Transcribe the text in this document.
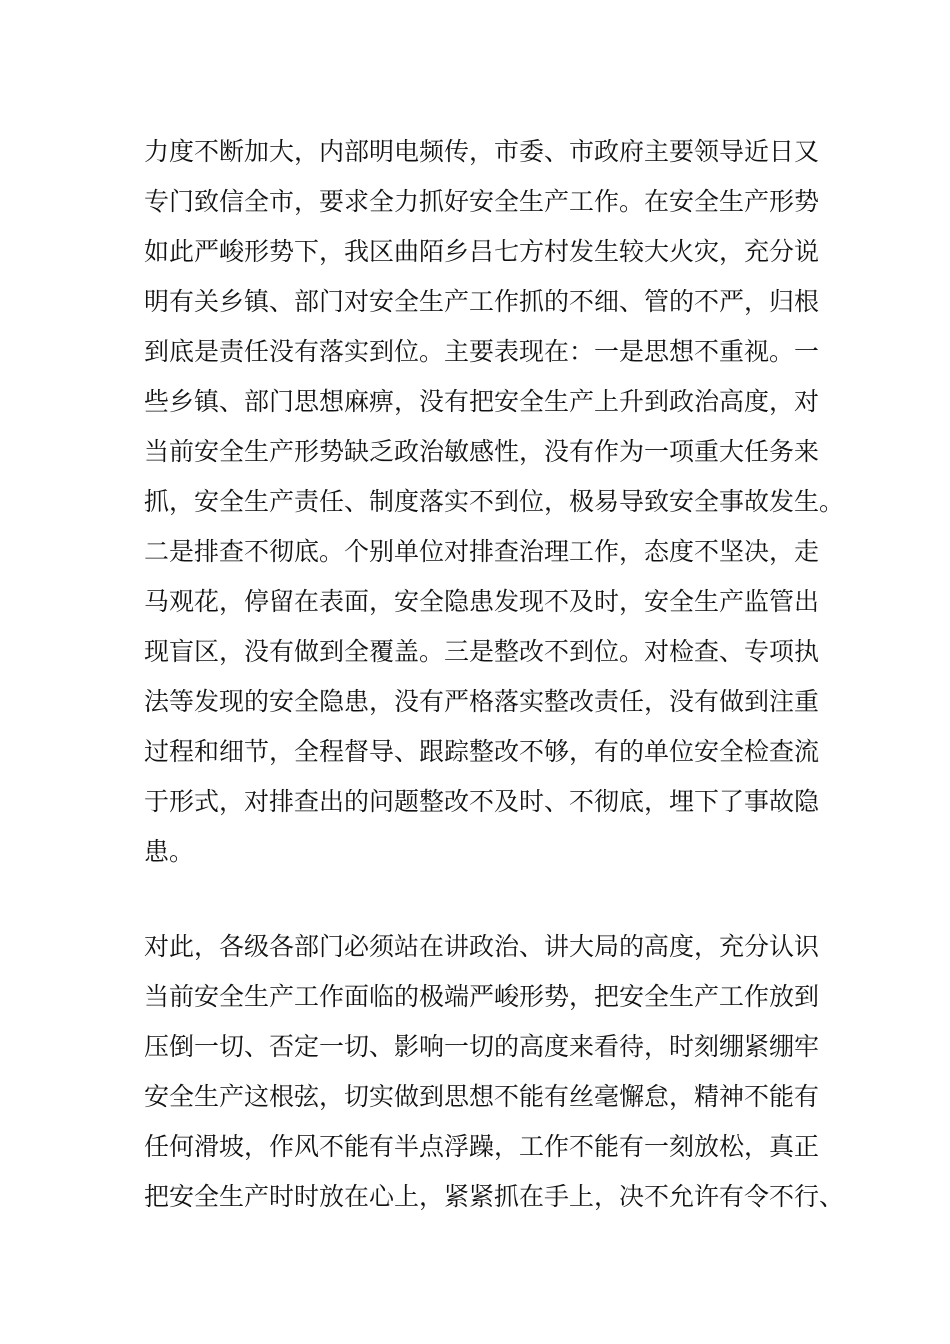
力度不断加大，内部明电频传，市委、市政府主要领导近日又
专门致信全市，要求全力抓好安全生产工作。在安全生产形势
如此严峻形势下，我区曲陌乡吕七方村发生较大火灾，充分说
明有关乡镇、部门对安全生产工作抓的不细、管的不严，归根
到底是责任没有落实到位。主要表现在：一是思想不重视。一
些乡镇、部门思想麻痹，没有把安全生产上升到政治高度，对
当前安全生产形势缺乏政治敏感性，没有作为一项重大任务来
抓，安全生产责任、制度落实不到位，极易导致安全事故发生。
二是排查不彻底。个别单位对排查治理工作，态度不坚决，走
马观花，停留在表面，安全隐患发现不及时，安全生产监管出
现盲区，没有做到全覆盖。三是整改不到位。对检查、专项执
法等发现的安全隐患，没有严格落实整改责任，没有做到注重
过程和细节，全程督导、跟踪整改不够，有的单位安全检查流
于形式，对排查出的问题整改不及时、不彻底，埋下了事故隐
患。
对此，各级各部门必须站在讲政治、讲大局的高度，充分认识
当前安全生产工作面临的极端严峻形势，把安全生产工作放到
压倒一切、否定一切、影响一切的高度来看待，时刻绷紧绷牢
安全生产这根弦，切实做到思想不能有丝毫懈怠，精神不能有
任何滑坡，作风不能有半点浮躁，工作不能有一刻放松，真正
把安全生产时时放在心上，紧紧抓在手上，决不允许有令不行、
